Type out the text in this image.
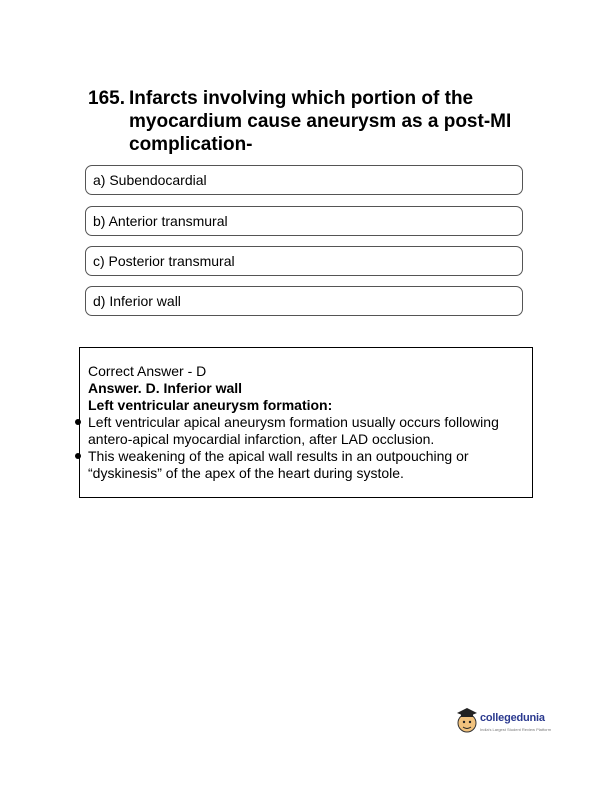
165. Infarcts involving which portion of the myocardium cause aneurysm as a post-MI complication-
a) Subendocardial
b) Anterior transmural
c) Posterior transmural
d) Inferior wall
Correct Answer - D
Answer. D. Inferior wall
Left ventricular aneurysm formation:
Left ventricular apical aneurysm formation usually occurs following antero-apical myocardial infarction, after LAD occlusion.
This weakening of the apical wall results in an outpouching or “dyskinesis” of the apex of the heart during systole.
collegedunia
India's Largest Student Review Platform
